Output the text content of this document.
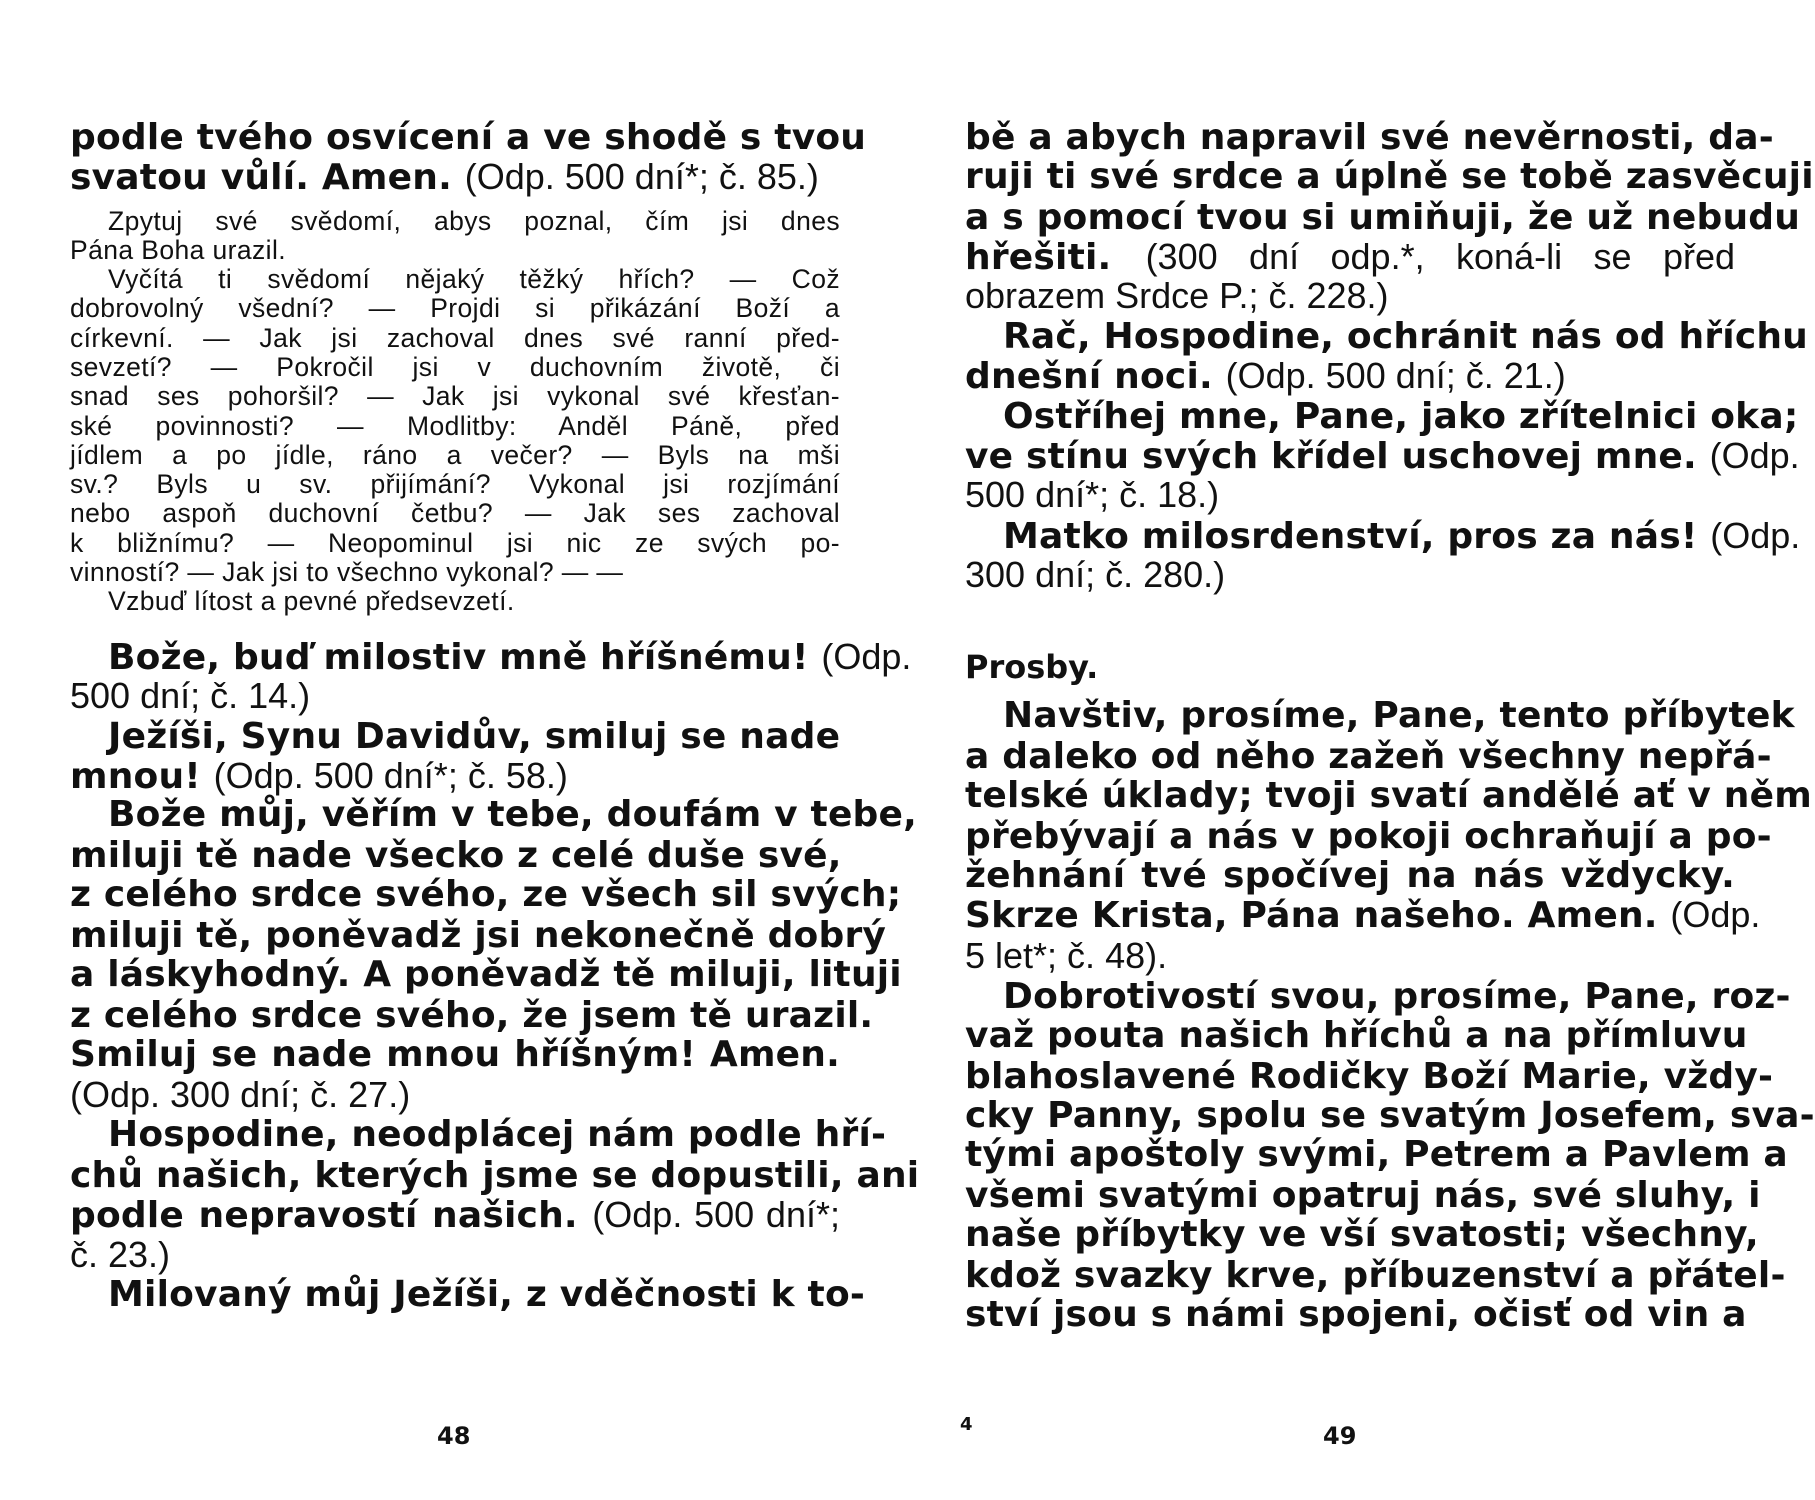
podle tvého osvícení a ve shodě s tvou
svatou vůlí. Amen. (Odp. 500 dní*; č. 85.)
Zpytuj své svědomí, abys poznal, čím jsi dnes
Pána Boha urazil.
Vyčítá ti svědomí nějaký těžký hřích? — Což
dobrovolný všední? — Projdi si přikázání Boží a
církevní. — Jak jsi zachoval dnes své ranní před-
sevzetí? — Pokročil jsi v duchovním životě, či
snad ses pohoršil? — Jak jsi vykonal své křesťan-
ské povinnosti? — Modlitby: Anděl Páně, před
jídlem a po jídle, ráno a večer? — Byls na mši
sv.? Byls u sv. přijímání? Vykonal jsi rozjímání
nebo aspoň duchovní četbu? — Jak ses zachoval
k bližnímu? — Neopominul jsi nic ze svých po-
vinností? — Jak jsi to všechno vykonal? — —
Vzbuď lítost a pevné předsevzetí.
Bože, buď milostiv mně hříšnému! (Odp.
500 dní; č. 14.)
Ježíši, Synu Davidův, smiluj se nade
mnou! (Odp. 500 dní*; č. 58.)
Bože můj, věřím v tebe, doufám v tebe,
miluji tě nade všecko z celé duše své,
z celého srdce svého, ze všech sil svých;
miluji tě, poněvadž jsi nekonečně dobrý
a láskyhodný. A poněvadž tě miluji, lituji
z celého srdce svého, že jsem tě urazil.
Smiluj se nade mnou hříšným! Amen.
(Odp. 300 dní; č. 27.)
Hospodine, neodplácej nám podle hří-
chů našich, kterých jsme se dopustili, ani
podle nepravostí našich. (Odp. 500 dní*;
č. 23.)
Milovaný můj Ježíši, z vděčnosti k to-
bě a abych napravil své nevěrnosti, da-
ruji ti své srdce a úplně se tobě zasvěcuji
a s pomocí tvou si umiňuji, že už nebudu
hřešiti. (300 dní odp.*, koná-li se před
obrazem Srdce P.; č. 228.)
Rač, Hospodine, ochránit nás od hříchu
dnešní noci. (Odp. 500 dní; č. 21.)
Ostříhej mne, Pane, jako zřítelnici oka;
ve stínu svých křídel uschovej mne. (Odp.
500 dní*; č. 18.)
Matko milosrdenství, pros za nás! (Odp.
300 dní; č. 280.)
Navštiv, prosíme, Pane, tento příbytek
a daleko od něho zažeň všechny nepřá-
telské úklady; tvoji svatí andělé ať v něm
přebývají a nás v pokoji ochraňují a po-
žehnání tvé spočívej na nás vždycky.
Skrze Krista, Pána našeho. Amen. (Odp.
5 let*; č. 48).
Dobrotivostí svou, prosíme, Pane, roz-
važ pouta našich hříchů a na přímluvu
blahoslavené Rodičky Boží Marie, vždy-
cky Panny, spolu se svatým Josefem, sva-
tými apoštoly svými, Petrem a Pavlem a
všemi svatými opatruj nás, své sluhy, i
naše příbytky ve vší svatosti; všechny,
kdož svazky krve, příbuzenství a přátel-
ství jsou s námi spojeni, očisť od vin a
Prosby.
48	4	49
